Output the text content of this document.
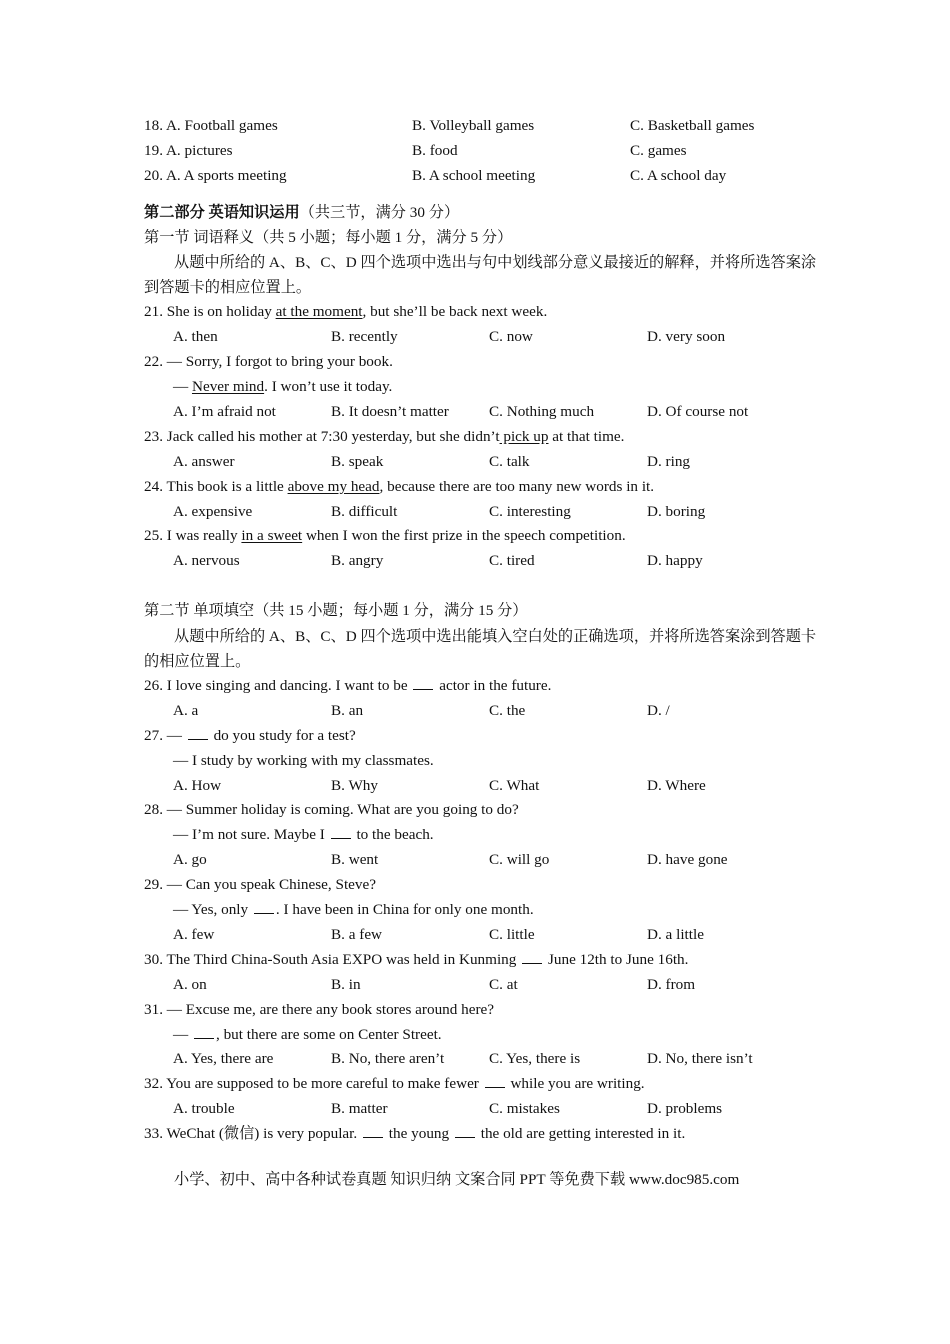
18. A. Football games	B. Volleyball games	C. Basketball games
19. A. pictures	B. food	C. games
20. A. A sports meeting	B. A school meeting	C. A school day
第二部分 英语知识运用（共三节，满分 30 分）
第一节 词语释义（共 5 小题；每小题 1 分，满分 5 分）
从题中所给的 A、B、C、D 四个选项中选出与句中划线部分意义最接近的解释，并将所选答案涂到答题卡的相应位置上。
21. She is on holiday at the moment, but she’ll be back next week.
A. then	B. recently	C. now	D. very soon
22. — Sorry, I forgot to bring your book.
— Never mind. I won’t use it today.
A. I’m afraid not	B. It doesn’t matter	C. Nothing much	D. Of course not
23. Jack called his mother at 7:30 yesterday, but she didn’t pick up at that time.
A. answer	B. speak	C. talk	D. ring
24. This book is a little above my head, because there are too many new words in it.
A. expensive	B. difficult	C. interesting	D. boring
25. I was really in a sweet when I won the first prize in the speech competition.
A. nervous	B. angry	C. tired	D. happy
第二节 单项填空（共 15 小题；每小题 1 分，满分 15 分）
从题中所给的 A、B、C、D 四个选项中选出能填入空白处的正确选项，并将所选答案涂到答题卡的相应位置上。
26. I love singing and dancing. I want to be  actor in the future.
A. a	B. an	C. the	D. /
27. —  do you study for a test?
— I study by working with my classmates.
A. How	B. Why	C. What	D. Where
28. — Summer holiday is coming. What are you going to do?
— I’m not sure. Maybe I  to the beach.
A. go	B. went	C. will go	D. have gone
29. — Can you speak Chinese, Steve?
— Yes, only . I have been in China for only one month.
A. few	B. a few	C. little	D. a little
30. The Third China-South Asia EXPO was held in Kunming  June 12th to June 16th.
A. on	B. in	C. at	D. from
31. — Excuse me, are there any book stores around here?
— , but there are some on Center Street.
A. Yes, there are	B. No, there aren’t	C. Yes, there is	D. No, there isn’t
32. You are supposed to be more careful to make fewer  while you are writing.
A. trouble	B. matter	C. mistakes	D. problems
33. WeChat (微信) is very popular.  the young  the old are getting interested in it.
小学、初中、高中各种试卷真题 知识归纳 文案合同 PPT 等免费下载 www.doc985.com
